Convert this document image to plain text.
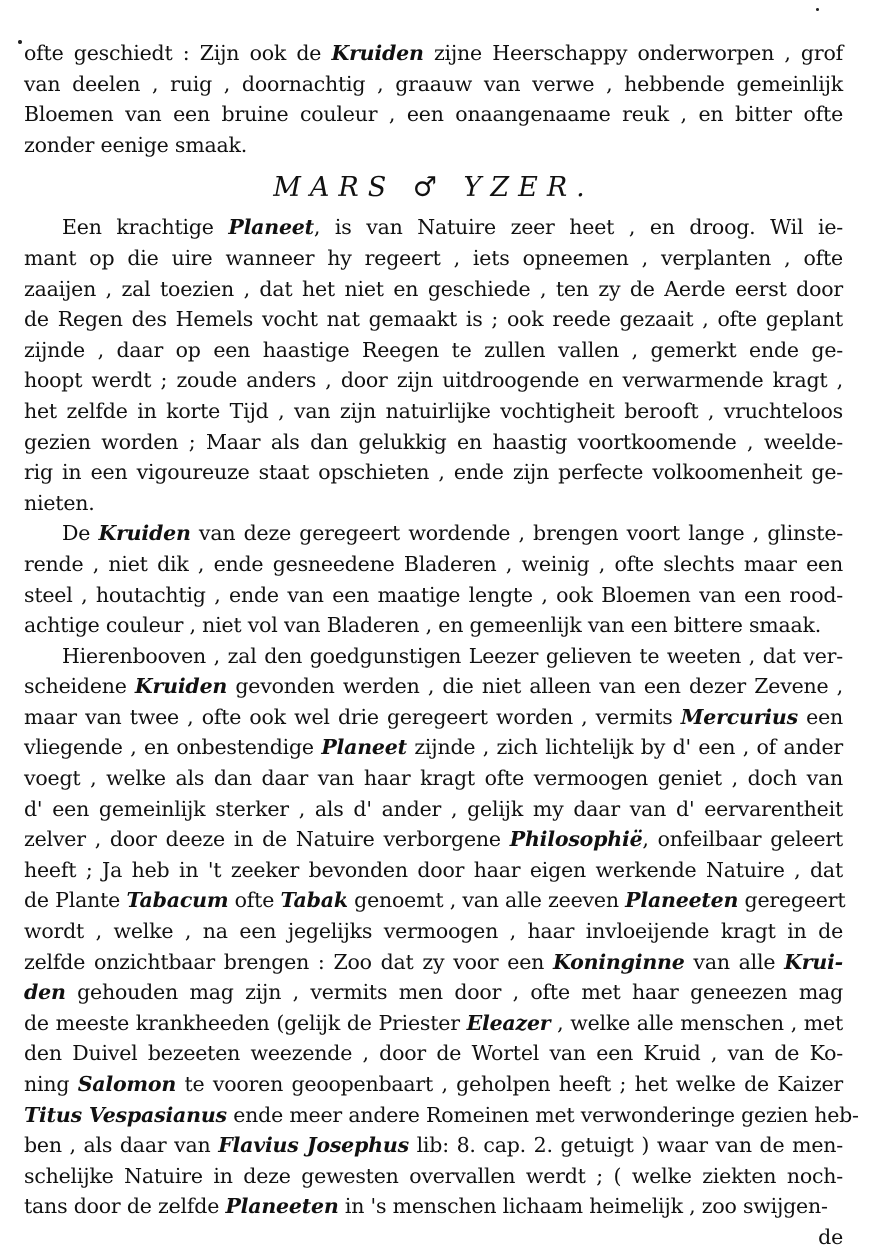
ofte geschiedt : Zijn ook de Kruiden zijne Heerschappy onderworpen , grof
van deelen , ruig , doornachtig , graauw van verwe , hebbende gemeinlijk
Bloemen van een bruine couleur , een onaangenaame reuk , en bitter ofte
zonder eenige smaak.
MARS ♂ YZER.
Een krachtige Planeet, is van Natuire zeer heet , en droog. Wil ie-
mant op die uire wanneer hy regeert , iets opneemen , verplanten , ofte
zaaijen , zal toezien , dat het niet en geschiede , ten zy de Aerde eerst door
de Regen des Hemels vocht nat gemaakt is ; ook reede gezaait , ofte geplant
zijnde , daar op een haastige Reegen te zullen vallen , gemerkt ende ge-
hoopt werdt ; zoude anders , door zijn uitdroogende en verwarmende kragt ,
het zelfde in korte Tijd , van zijn natuirlijke vochtigheit berooft , vruchteloos
gezien worden ; Maar als dan gelukkig en haastig voortkoomende , weelde-
rig in een vigoureuze staat opschieten , ende zijn perfecte volkoomenheit ge-
nieten.
De Kruiden van deze geregeert wordende , brengen voort lange , glinste-
rende , niet dik , ende gesneedene Bladeren , weinig , ofte slechts maar een
steel , houtachtig , ende van een maatige lengte , ook Bloemen van een rood-
achtige couleur , niet vol van Bladeren , en gemeenlijk van een bittere smaak.
Hierenbooven , zal den goedgunstigen Leezer gelieven te weeten , dat ver-
scheidene Kruiden gevonden werden , die niet alleen van een dezer Zevene ,
maar van twee , ofte ook wel drie geregeert worden , vermits Mercurius een
vliegende , en onbestendige Planeet zijnde , zich lichtelijk by d' een , of ander
voegt , welke als dan daar van haar kragt ofte vermoogen geniet , doch van
d' een gemeinlijk sterker , als d' ander , gelijk my daar van d' eervarentheit
zelver , door deeze in de Natuire verborgene Philosophië, onfeilbaar geleert
heeft ; Ja heb in 't zeeker bevonden door haar eigen werkende Natuire , dat
de Plante Tabacum ofte Tabak genoemt , van alle zeeven Planeeten geregeert
wordt , welke , na een jegelijks vermoogen , haar invloeijende kragt in de
zelfde onzichtbaar brengen : Zoo dat zy voor een Koninginne van alle Krui-
den gehouden mag zijn , vermits men door , ofte met haar geneezen mag
de meeste krankheeden (gelijk de Priester Eleazer , welke alle menschen , met
den Duivel bezeeten weezende , door de Wortel van een Kruid , van de Ko-
ning Salomon te vooren geoopenbaart , geholpen heeft ; het welke de Kaizer
Titus Vespasianus ende meer andere Romeinen met verwonderinge gezien heb-
ben , als daar van Flavius Josephus lib: 8. cap. 2. getuigt ) waar van de men-
schelijke Natuire in deze gewesten overvallen werdt ; ( welke ziekten noch-
tans door de zelfde Planeeten in 's menschen lichaam heimelijk , zoo swijgen-
de
